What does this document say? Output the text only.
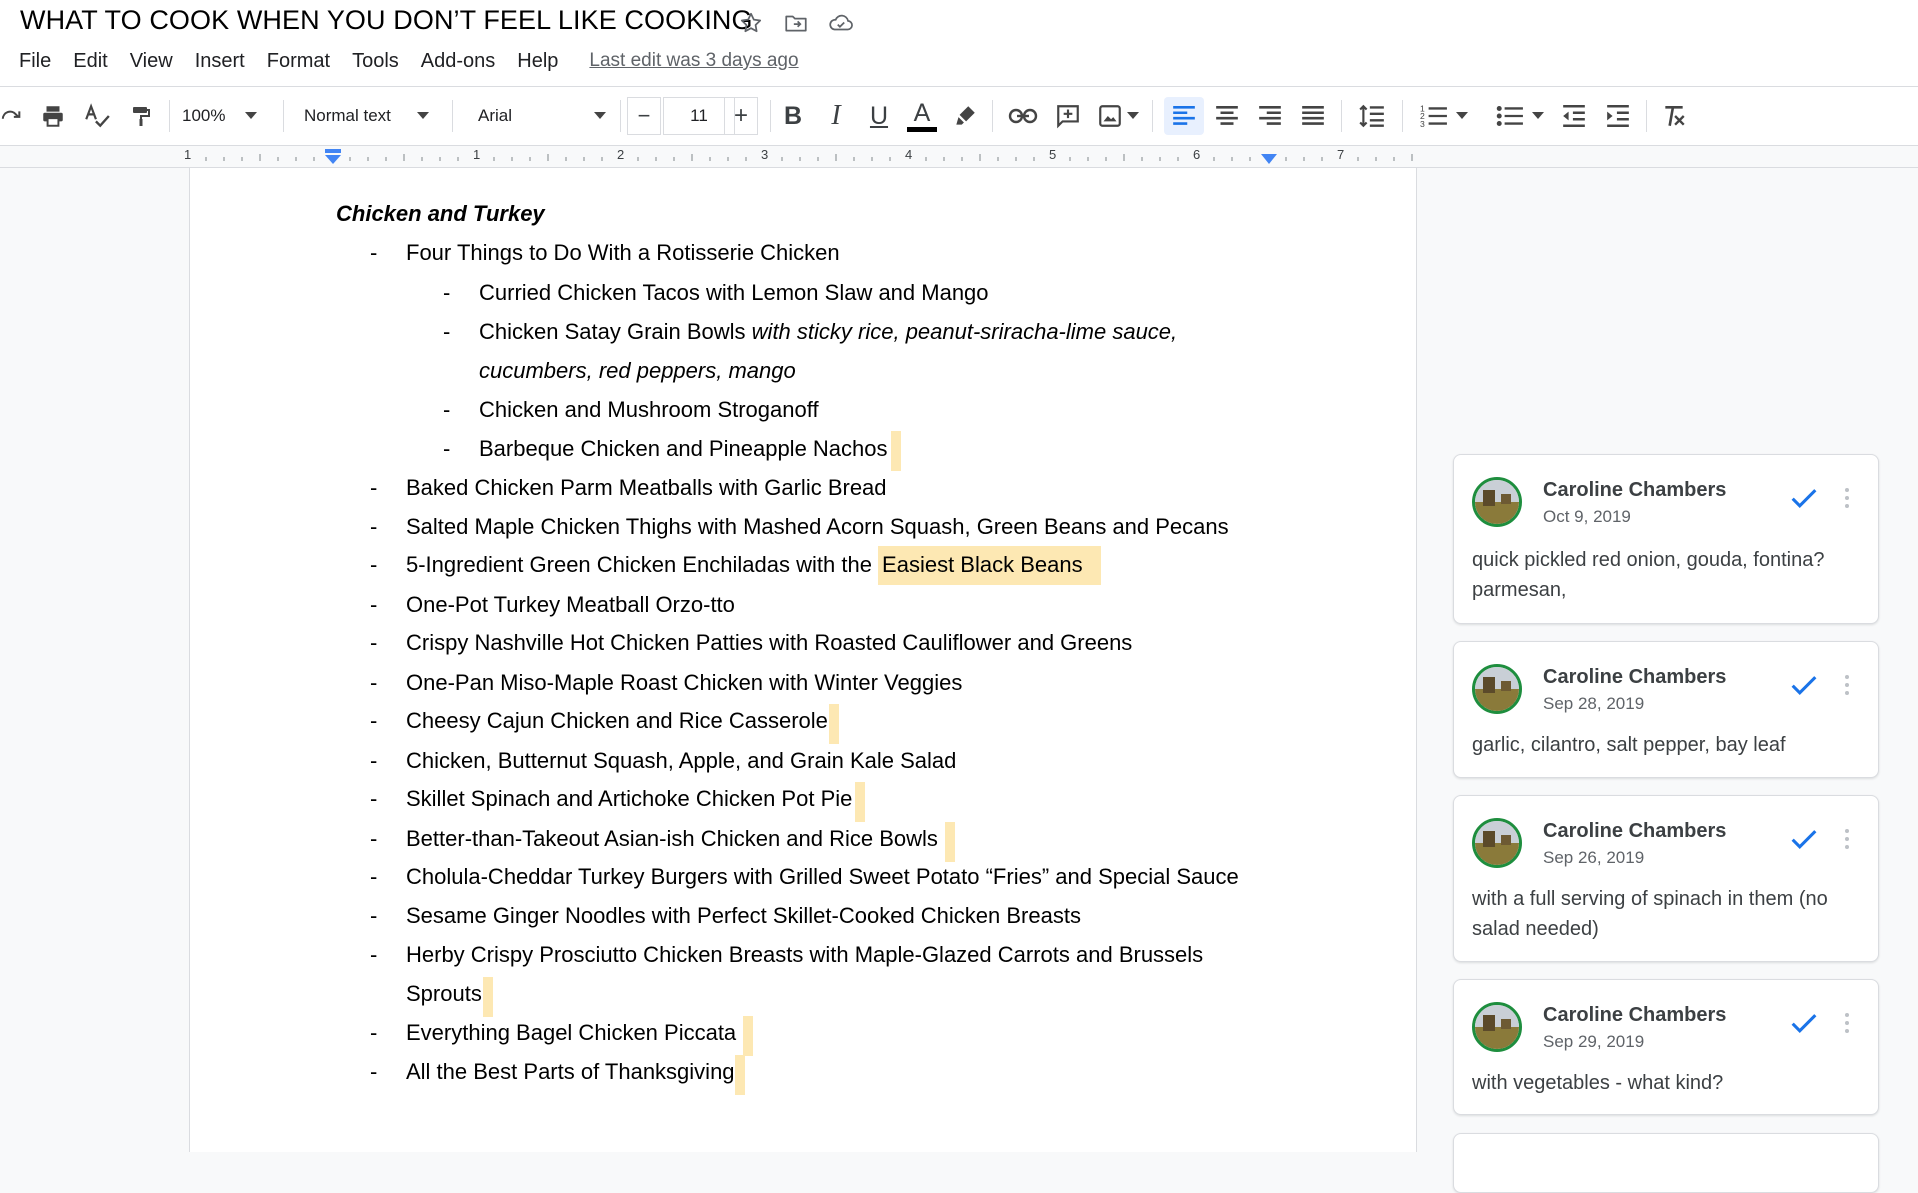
WHAT TO COOK WHEN YOU DON’T FEEL LIKE COOKING
File	Edit	View	Insert	Format	Tools	Add-ons	Help	Last edit was 3 days ago
100%	Normal text	Arial	− 11 + B I U A	1
2
3
1	1	2	3	4	5	6	7
Chicken and Turkey
- Four Things to Do With a Rotisserie Chicken
- Curried Chicken Tacos with Lemon Slaw and Mango
- Chicken Satay Grain Bowls with sticky rice, peanut-sriracha-lime sauce,
cucumbers, red peppers, mango
- Chicken and Mushroom Stroganoff
- Barbeque Chicken and Pineapple Nachos
- Baked Chicken Parm Meatballs with Garlic Bread
- Salted Maple Chicken Thighs with Mashed Acorn Squash, Green Beans and Pecans
- 5-Ingredient Green Chicken Enchiladas with the Easiest Black Beans
- One-Pot Turkey Meatball Orzo-tto
- Crispy Nashville Hot Chicken Patties with Roasted Cauliflower and Greens
- One-Pan Miso-Maple Roast Chicken with Winter Veggies
- Cheesy Cajun Chicken and Rice Casserole
- Chicken, Butternut Squash, Apple, and Grain Kale Salad
- Skillet Spinach and Artichoke Chicken Pot Pie
- Better-than-Takeout Asian-ish Chicken and Rice Bowls
- Cholula-Cheddar Turkey Burgers with Grilled Sweet Potato “Fries” and Special Sauce
- Sesame Ginger Noodles with Perfect Skillet-Cooked Chicken Breasts
- Herby Crispy Prosciutto Chicken Breasts with Maple-Glazed Carrots and Brussels
Sprouts
- Everything Bagel Chicken Piccata
- All the Best Parts of Thanksgiving
Caroline Chambers
Oct 9, 2019
quick pickled red onion, gouda, fontina? parmesan,
Caroline Chambers
Sep 28, 2019
garlic, cilantro, salt pepper, bay leaf
Caroline Chambers
Sep 26, 2019
with a full serving of spinach in them (no salad needed)
Caroline Chambers
Sep 29, 2019
with vegetables - what kind?
